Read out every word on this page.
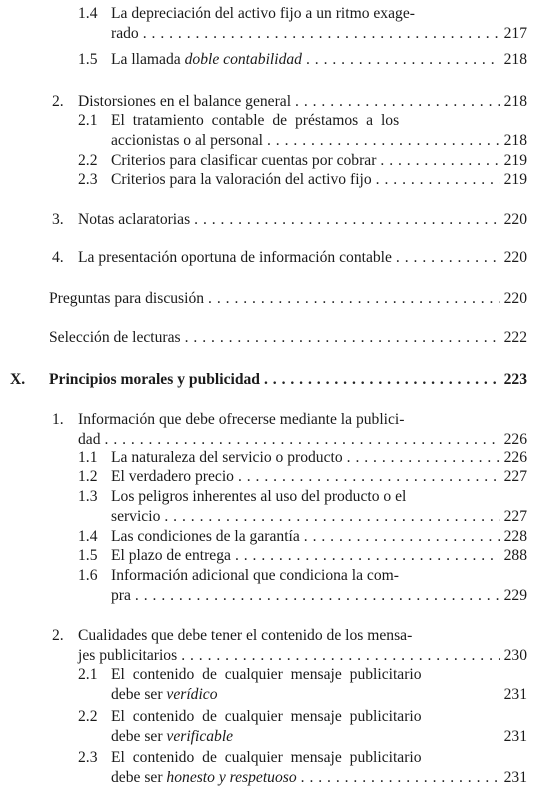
1.4 La depreciación del activo fijo a un ritmo exage-
rado . . .	217
1.5 La llamada doble contabilidad . . .	218
2. Distorsiones en el balance general . . .	218
2.1 El tratamiento contable de préstamos a los
accionistas o al personal . . .	218
2.2 Criterios para clasificar cuentas por cobrar . . .	219
2.3 Criterios para la valoración del activo fijo . . .	219
3. Notas aclaratorias . . .	220
4. La presentación oportuna de información contable . . .	220
Preguntas para discusión . . .	220
Selección de lecturas . . .	222
X. Principios morales y publicidad . . .	223
1. Información que debe ofrecerse mediante la publici-
dad . . .	226
1.1 La naturaleza del servicio o producto . . .	226
1.2 El verdadero precio . . .	227
1.3 Los peligros inherentes al uso del producto o el
servicio . . .	227
1.4 Las condiciones de la garantía . . .	228
1.5 El plazo de entrega . . .	288
1.6 Información adicional que condiciona la com-
pra . . .	229
2. Cualidades que debe tener el contenido de los mensa-
jes publicitarios . . .	230
2.1 El contenido de cualquier mensaje publicitario
debe ser verídico	231
2.2 El contenido de cualquier mensaje publicitario
debe ser verificable	231
2.3 El contenido de cualquier mensaje publicitario
debe ser honesto y respetuoso . . .	231
